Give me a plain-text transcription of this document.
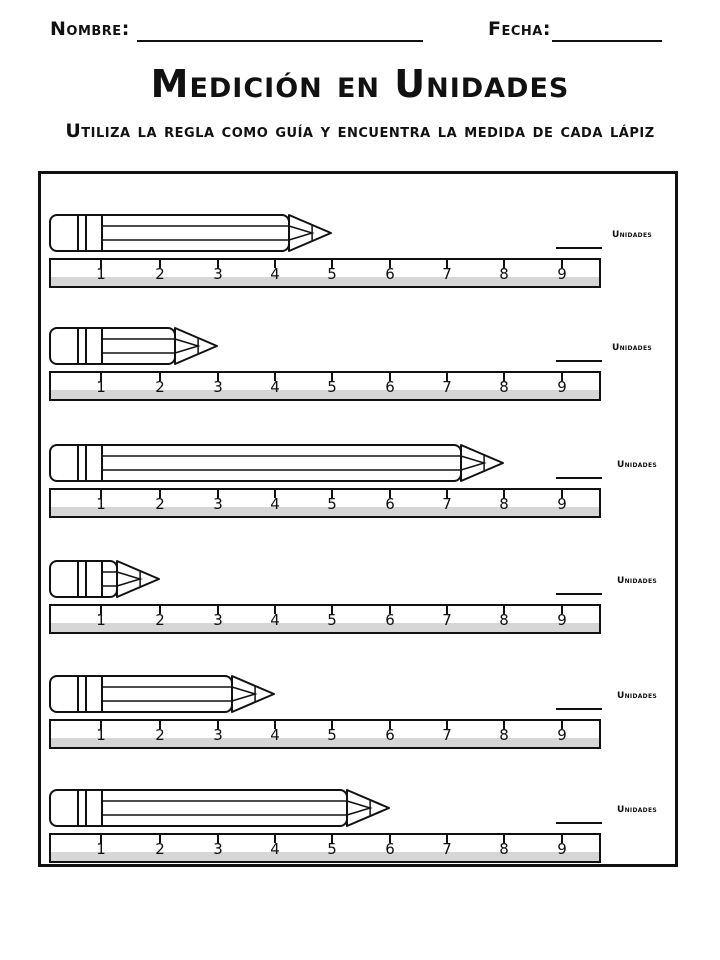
Nombre:	Fecha:
Medición en Unidades
Utiliza la regla como guía y encuentra la medida de cada lápiz
1	2	3	4	5	6	7	8	9
Unidades
1	2	3	4	5	6	7	8	9
Unidades
1	2	3	4	5	6	7	8	9
Unidades
1	2	3	4	5	6	7	8	9
Unidades
1	2	3	4	5	6	7	8	9
Unidades
1	2	3	4	5	6	7	8	9
Unidades
